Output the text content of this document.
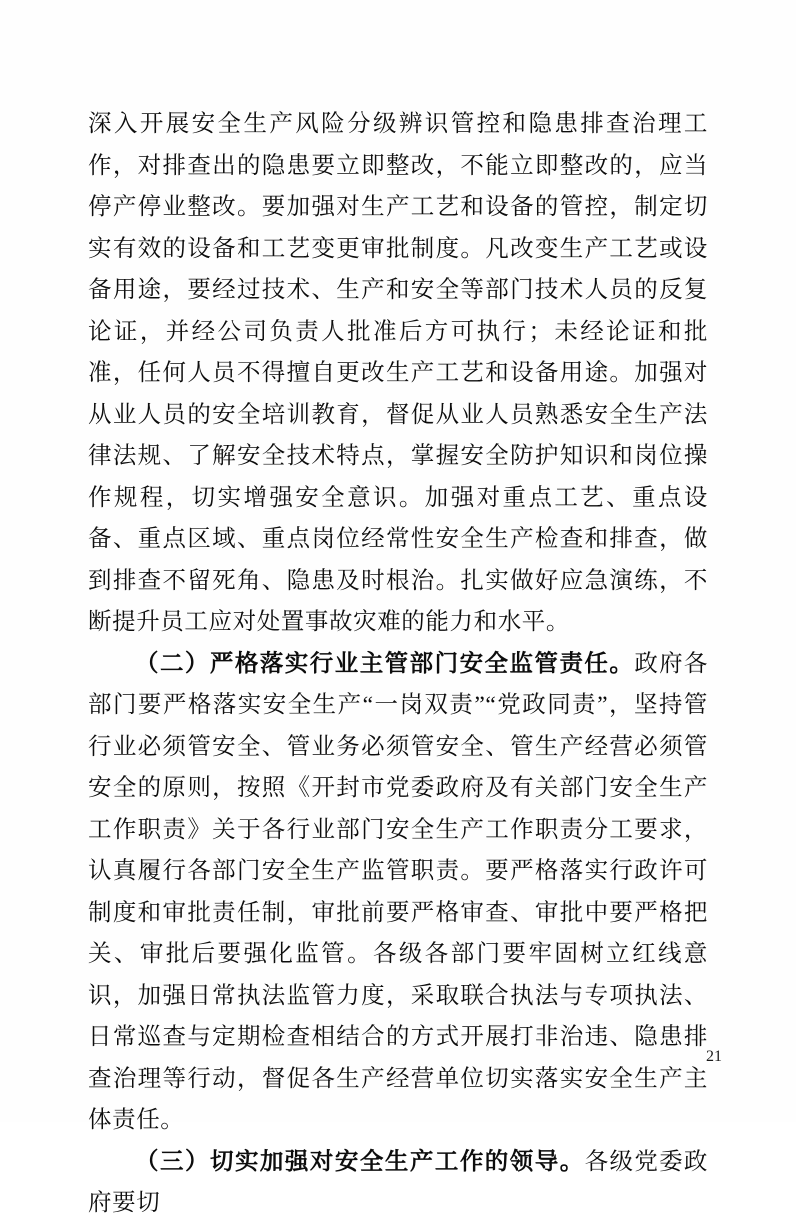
深入开展安全生产风险分级辨识管控和隐患排查治理工作，对排查出的隐患要立即整改，不能立即整改的，应当停产停业整改。要加强对生产工艺和设备的管控，制定切实有效的设备和工艺变更审批制度。凡改变生产工艺或设备用途，要经过技术、生产和安全等部门技术人员的反复论证，并经公司负责人批准后方可执行；未经论证和批准，任何人员不得擅自更改生产工艺和设备用途。加强对从业人员的安全培训教育，督促从业人员熟悉安全生产法律法规、了解安全技术特点，掌握安全防护知识和岗位操作规程，切实增强安全意识。加强对重点工艺、重点设备、重点区域、重点岗位经常性安全生产检查和排查，做到排查不留死角、隐患及时根治。扎实做好应急演练，不断提升员工应对处置事故灾难的能力和水平。

（二）严格落实行业主管部门安全监管责任。政府各部门要严格落实安全生产“一岗双责”“党政同责”，坚持管行业必须管安全、管业务必须管安全、管生产经营必须管安全的原则，按照《开封市党委政府及有关部门安全生产工作职责》关于各行业部门安全生产工作职责分工要求，认真履行各部门安全生产监管职责。要严格落实行政许可制度和审批责任制，审批前要严格审查、审批中要严格把关、审批后要强化监管。各级各部门要牢固树立红线意识，加强日常执法监管力度，采取联合执法与专项执法、日常巡查与定期检查相结合的方式开展打非治违、隐患排查治理等行动，督促各生产经营单位切实落实安全生产主体责任。

（三）切实加强对安全生产工作的领导。各级党委政府要切

21
